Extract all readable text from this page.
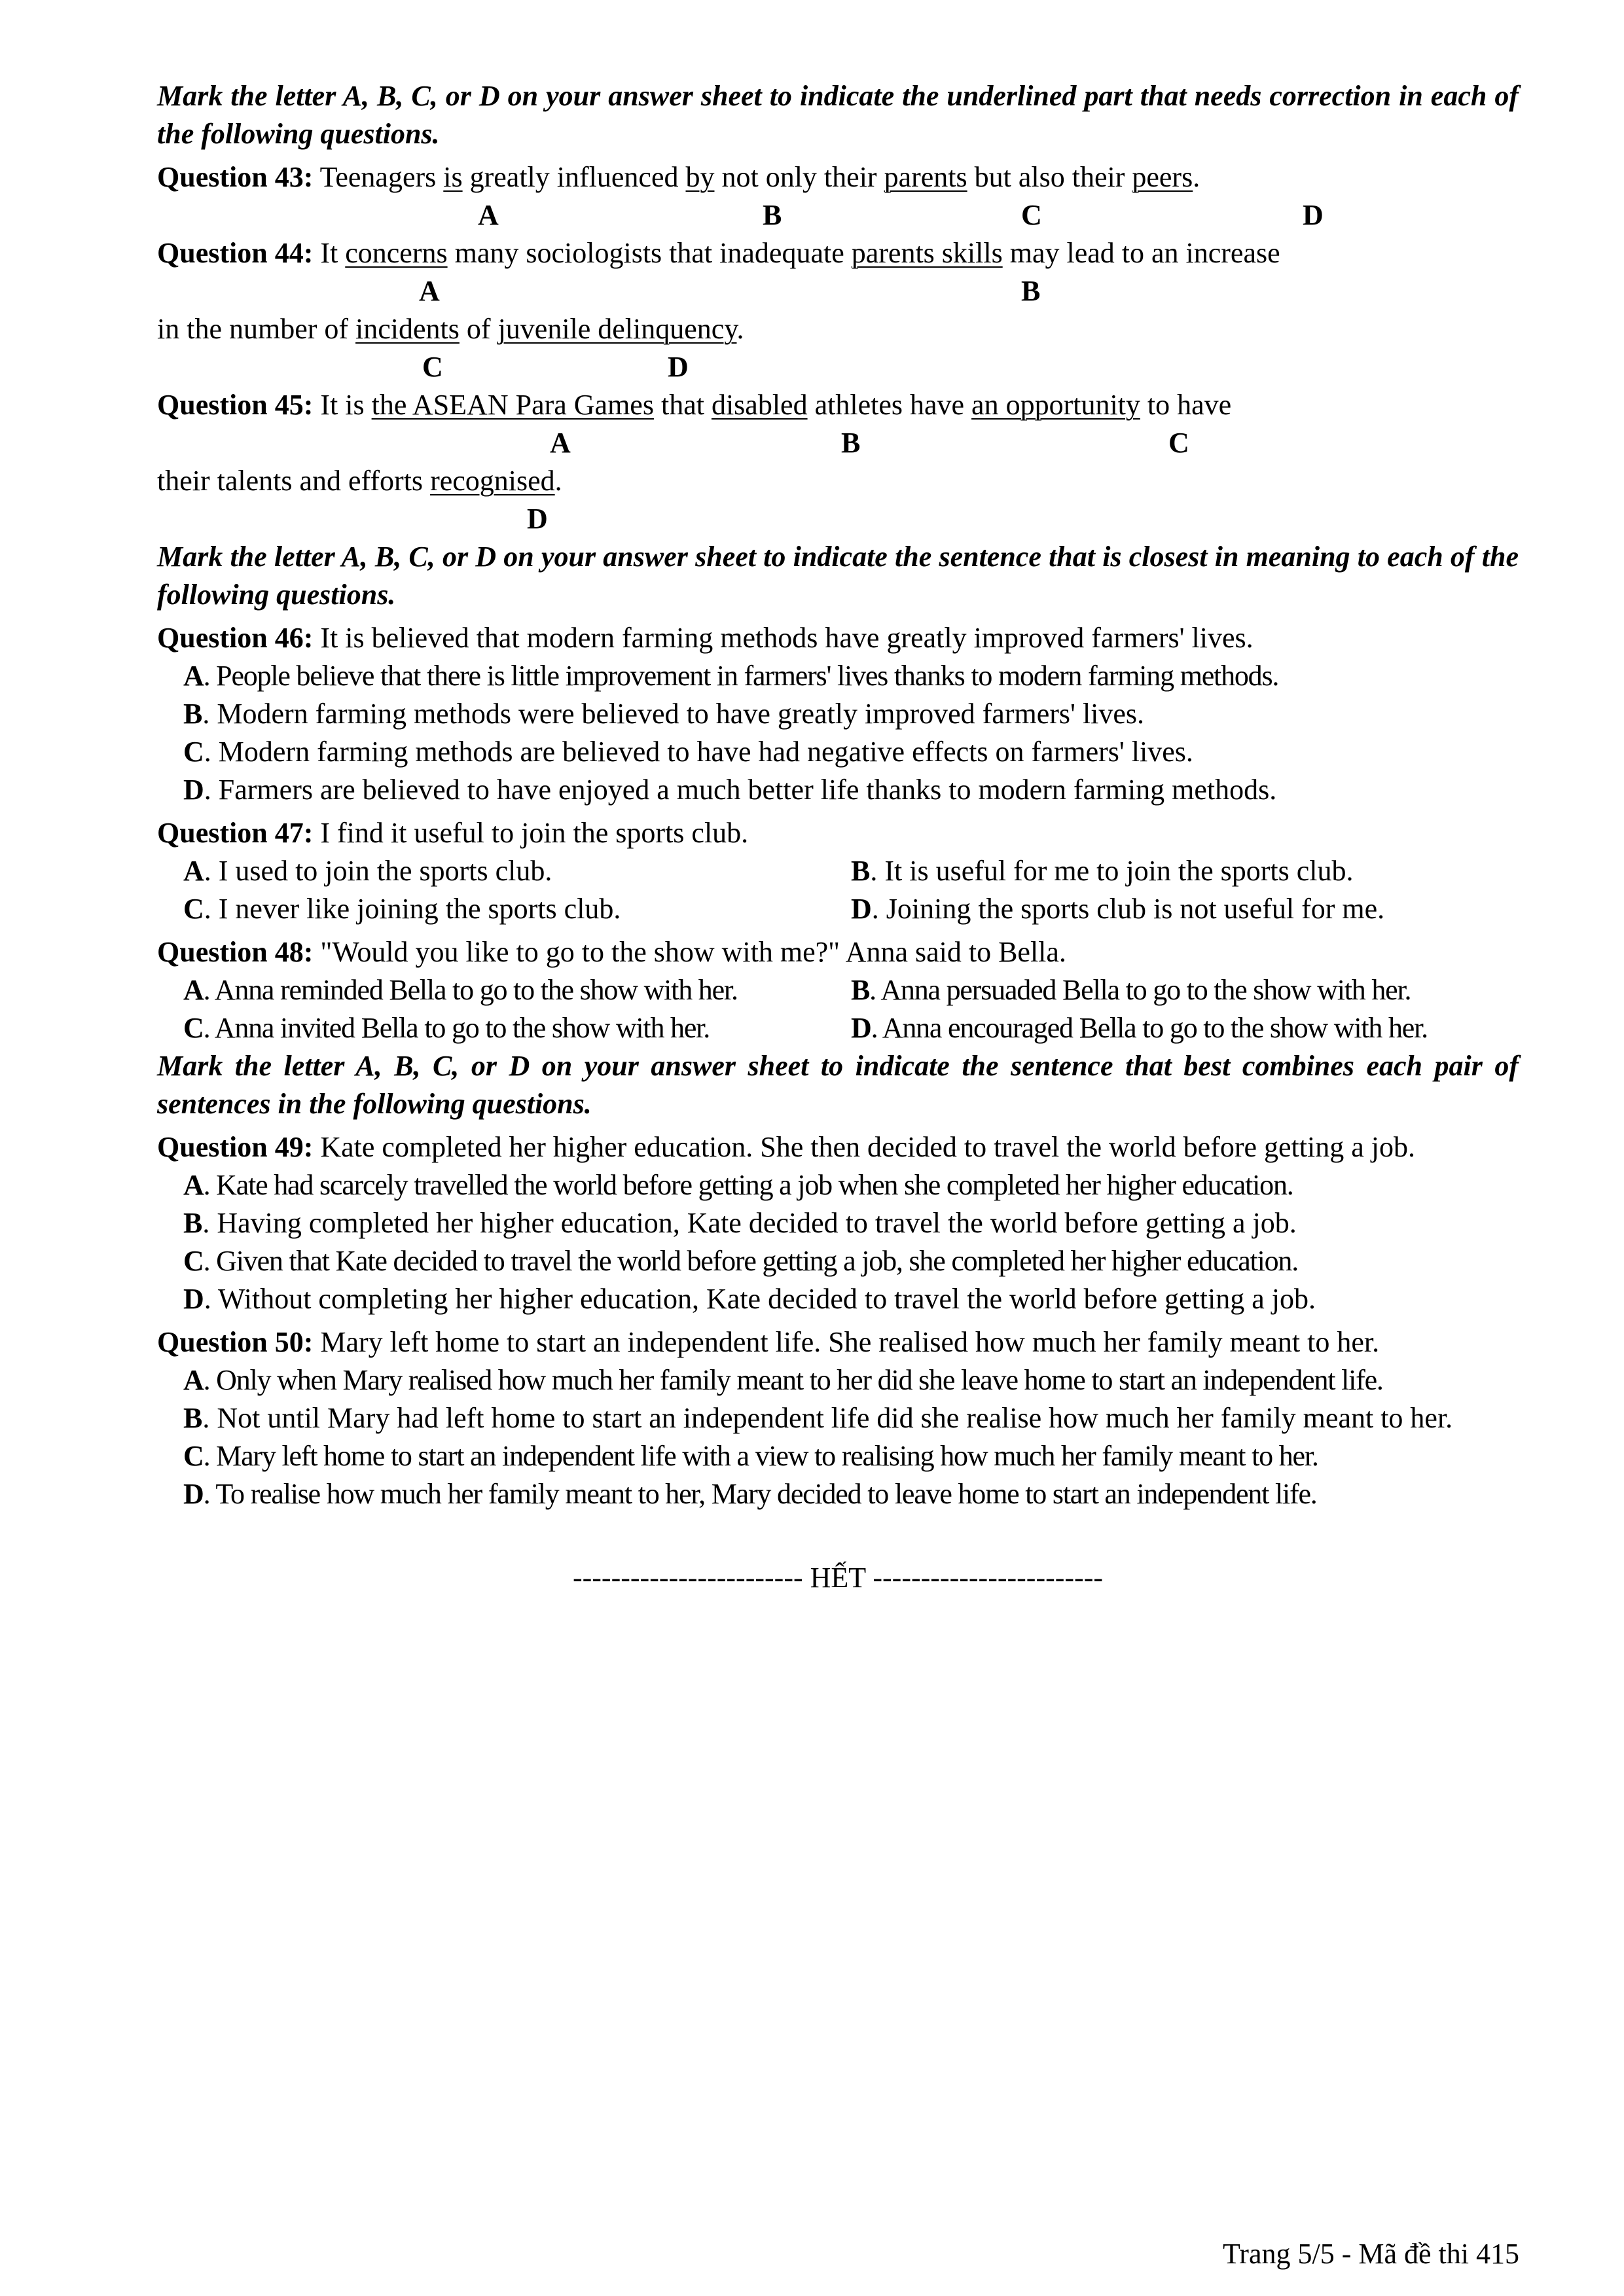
Mark the letter A, B, C, or D on your answer sheet to indicate the underlined part that needs correction in each of the following questions.
Question 43: Teenagers is greatly influenced by not only their parents but also their peers.
A	B	C	D
Question 44: It concerns many sociologists that inadequate parents skills may lead to an increase
A	B
in the number of incidents of juvenile delinquency.
C	D
Question 45: It is the ASEAN Para Games that disabled athletes have an opportunity to have
A	B	C
their talents and efforts recognised.
D
Mark the letter A, B, C, or D on your answer sheet to indicate the sentence that is closest in meaning to each of the following questions.
Question 46: It is believed that modern farming methods have greatly improved farmers' lives.
A. People believe that there is little improvement in farmers' lives thanks to modern farming methods.
B. Modern farming methods were believed to have greatly improved farmers' lives.
C. Modern farming methods are believed to have had negative effects on farmers' lives.
D. Farmers are believed to have enjoyed a much better life thanks to modern farming methods.
Question 47: I find it useful to join the sports club.
A. I used to join the sports club.	B. It is useful for me to join the sports club.
C. I never like joining the sports club.	D. Joining the sports club is not useful for me.
Question 48: "Would you like to go to the show with me?" Anna said to Bella.
A. Anna reminded Bella to go to the show with her.	B. Anna persuaded Bella to go to the show with her.
C. Anna invited Bella to go to the show with her.	D. Anna encouraged Bella to go to the show with her.
Mark the letter A, B, C, or D on your answer sheet to indicate the sentence that best combines each pair of sentences in the following questions.
Question 49: Kate completed her higher education. She then decided to travel the world before getting a job.
A. Kate had scarcely travelled the world before getting a job when she completed her higher education.
B. Having completed her higher education, Kate decided to travel the world before getting a job.
C. Given that Kate decided to travel the world before getting a job, she completed her higher education.
D. Without completing her higher education, Kate decided to travel the world before getting a job.
Question 50: Mary left home to start an independent life. She realised how much her family meant to her.
A. Only when Mary realised how much her family meant to her did she leave home to start an independent life.
B. Not until Mary had left home to start an independent life did she realise how much her family meant to her.
C. Mary left home to start an independent life with a view to realising how much her family meant to her.
D. To realise how much her family meant to her, Mary decided to leave home to start an independent life.
------------------------ HẾT ------------------------
Trang 5/5 - Mã đề thi 415
